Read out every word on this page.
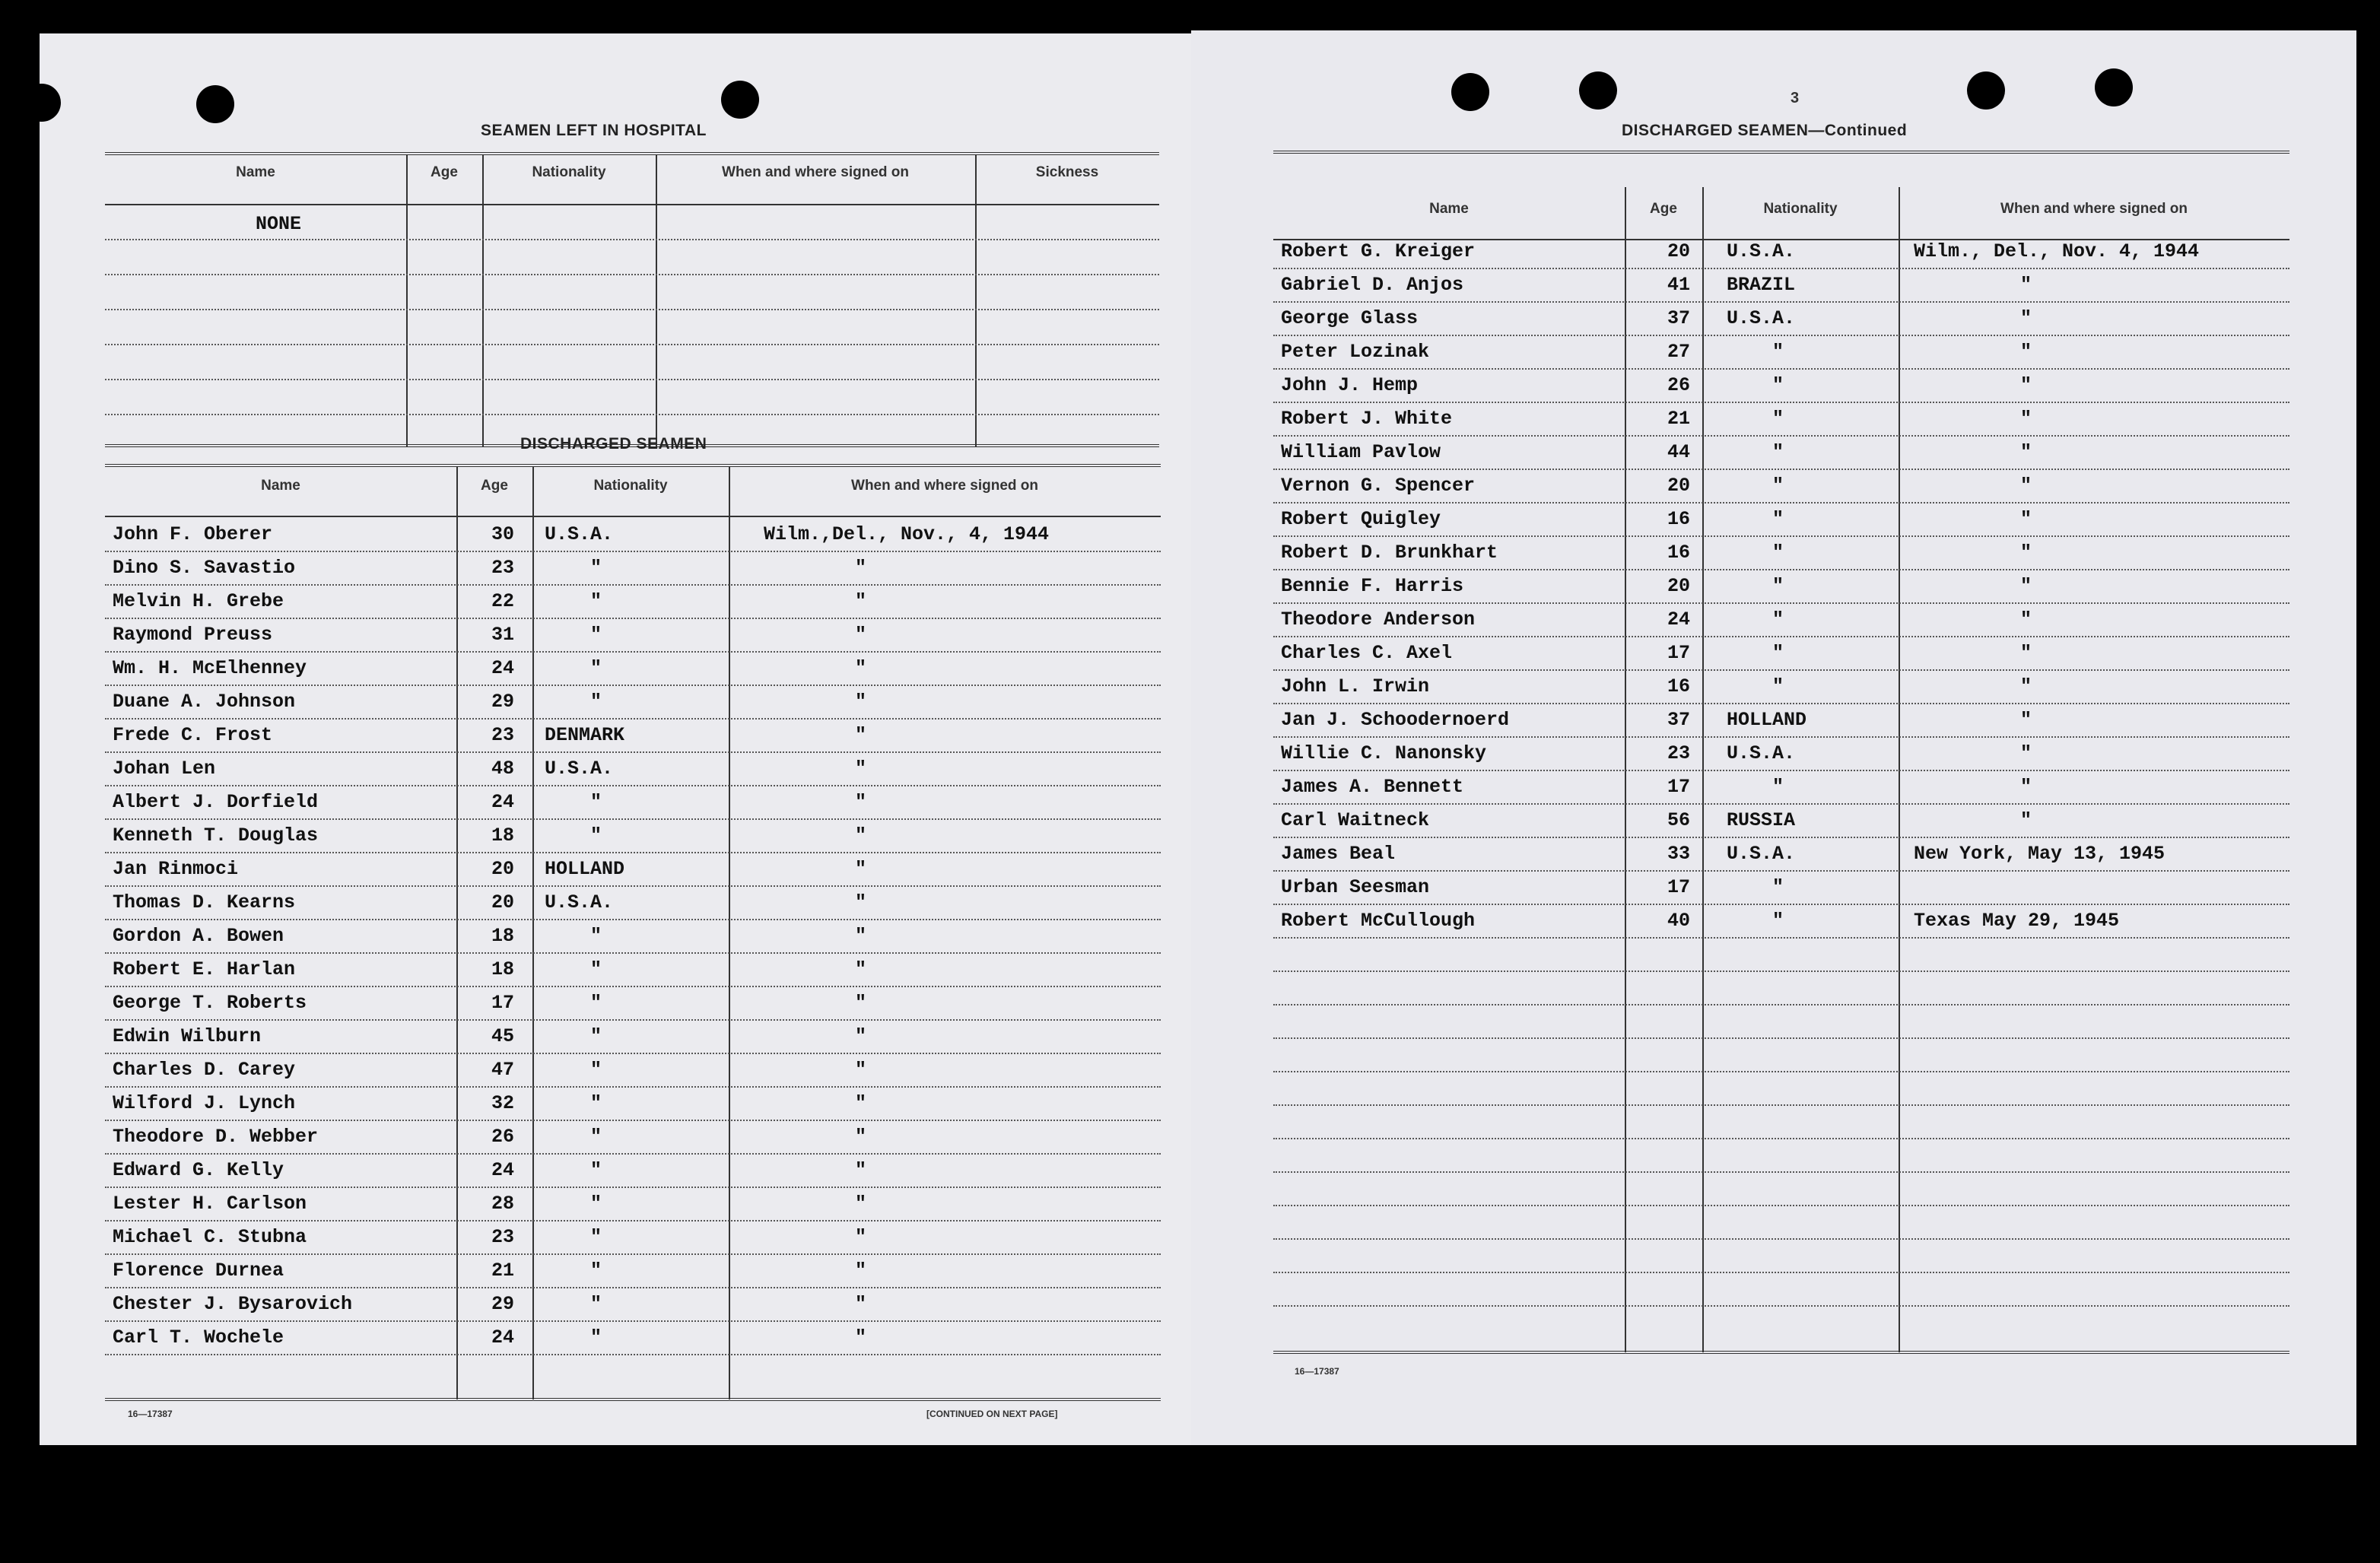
SEAMEN LEFT IN HOSPITAL
Name	Age	Nationality	When and where signed on	Sickness
NONE
DISCHARGED SEAMEN
Name	Age	Nationality	When and where signed on
John F. Oberer	30 U.S.A.	Wilm.,Del., Nov., 4, 1944
Dino S. Savastio	23	"	"
Melvin H. Grebe	22	"	"
Raymond Preuss	31	"	"
Wm. H. McElhenney	24	"	"
Duane A. Johnson	29	"	"
Frede C. Frost	23 DENMARK	"
Johan Len	48 U.S.A.	"
Albert J. Dorfield	24	"	"
Kenneth T. Douglas	18	"	"
Jan Rinmoci	20 HOLLAND	"
Thomas D. Kearns	20 U.S.A.	"
Gordon A. Bowen	18	"	"
Robert E. Harlan	18	"	"
George T. Roberts	17	"	"
Edwin Wilburn	45	"	"
Charles D. Carey	47	"	"
Wilford J. Lynch	32	"	"
Theodore D. Webber	26	"	"
Edward G. Kelly	24	"	"
Lester H. Carlson	28	"	"
Michael C. Stubna	23	"	"
Florence Durnea	21	"	"
Chester J. Bysarovich	29	"	"
Carl T. Wochele	24	"	"
16—17387	[CONTINUED ON NEXT PAGE]
3
DISCHARGED SEAMEN—Continued
Name	Age	Nationality	When and where signed on
Robert G. Kreiger	20 U.S.A.	Wilm., Del., Nov. 4, 1944
Gabriel D. Anjos	41 BRAZIL	"
George Glass	37 U.S.A.	"
Peter Lozinak	27	"	"
John J. Hemp	26	"	"
Robert J. White	21	"	"
William Pavlow	44	"	"
Vernon G. Spencer	20	"	"
Robert Quigley	16	"	"
Robert D. Brunkhart	16	"	"
Bennie F. Harris	20	"	"
Theodore Anderson	24	"	"
Charles C. Axel	17	"	"
John L. Irwin	16	"	"
Jan J. Schoodernoerd	37 HOLLAND	"
Willie C. Nanonsky	23 U.S.A.	"
James A. Bennett	17	"	"
Carl Waitneck	56 RUSSIA	"
James Beal	33 U.S.A.	New York, May 13, 1945
Urban Seesman	17	"
Robert McCullough	40	"	Texas May 29, 1945
16—17387
